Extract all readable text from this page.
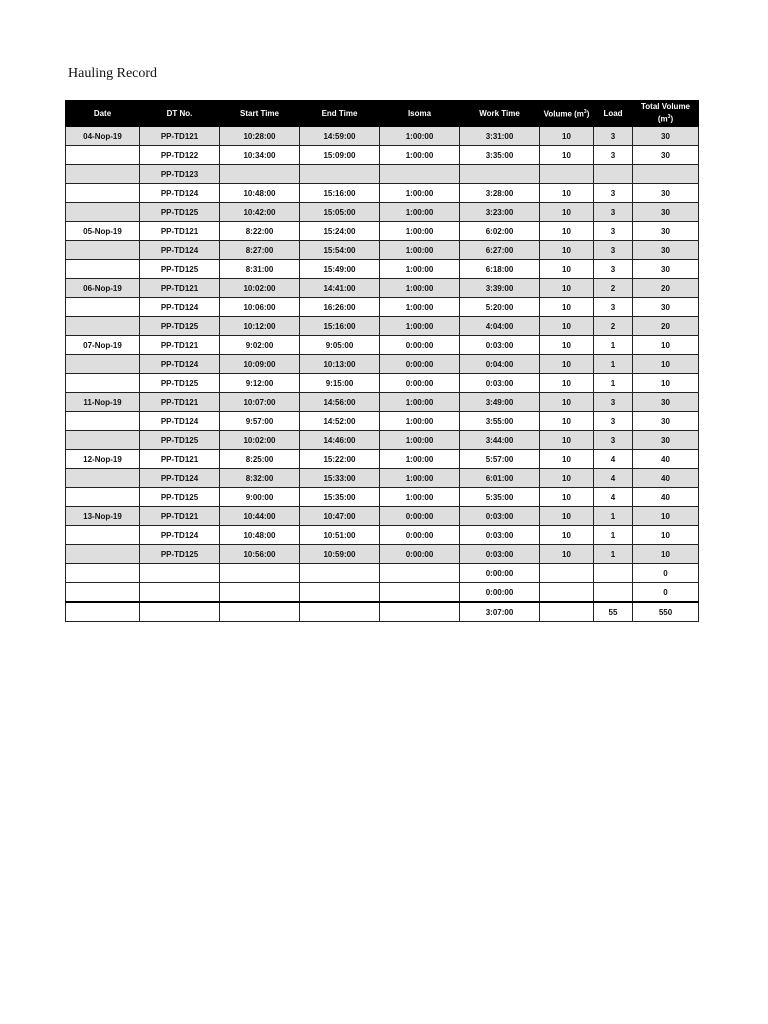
Hauling Record
Date	DT No.	Start Time	End Time	Isoma	Work Time	Volume $(m^3)$	Load	Total Volume
$(m^3)$
04-Nop-19	PP-TD121	10:28:00	14:59:00	1:00:00	3:31:00	10	3	30
	PP-TD122	10:34:00	15:09:00	1:00:00	3:35:00	10	3	30
	PP-TD123							
	PP-TD124	10:48:00	15:16:00	1:00:00	3:28:00	10	3	30
	PP-TD125	10:42:00	15:05:00	1:00:00	3:23:00	10	3	30
05-Nop-19	PP-TD121	8:22:00	15:24:00	1:00:00	6:02:00	10	3	30
	PP-TD124	8:27:00	15:54:00	1:00:00	6:27:00	10	3	30
	PP-TD125	8:31:00	15:49:00	1:00:00	6:18:00	10	3	30
06-Nop-19	PP-TD121	10:02:00	14:41:00	1:00:00	3:39:00	10	2	20
	PP-TD124	10:06:00	16:26:00	1:00:00	5:20:00	10	3	30
	PP-TD125	10:12:00	15:16:00	1:00:00	4:04:00	10	2	20
07-Nop-19	PP-TD121	9:02:00	9:05:00	0:00:00	0:03:00	10	1	10
	PP-TD124	10:09:00	10:13:00	0:00:00	0:04:00	10	1	10
	PP-TD125	9:12:00	9:15:00	0:00:00	0:03:00	10	1	10
11-Nop-19	PP-TD121	10:07:00	14:56:00	1:00:00	3:49:00	10	3	30
	PP-TD124	9:57:00	14:52:00	1:00:00	3:55:00	10	3	30
	PP-TD125	10:02:00	14:46:00	1:00:00	3:44:00	10	3	30
12-Nop-19	PP-TD121	8:25:00	15:22:00	1:00:00	5:57:00	10	4	40
	PP-TD124	8:32:00	15:33:00	1:00:00	6:01:00	10	4	40
	PP-TD125	9:00:00	15:35:00	1:00:00	5:35:00	10	4	40
13-Nop-19	PP-TD121	10:44:00	10:47:00	0:00:00	0:03:00	10	1	10
	PP-TD124	10:48:00	10:51:00	0:00:00	0:03:00	10	1	10
	PP-TD125	10:56:00	10:59:00	0:00:00	0:03:00	10	1	10
					0:00:00			0
					0:00:00			0
					3:07:00		55	550
